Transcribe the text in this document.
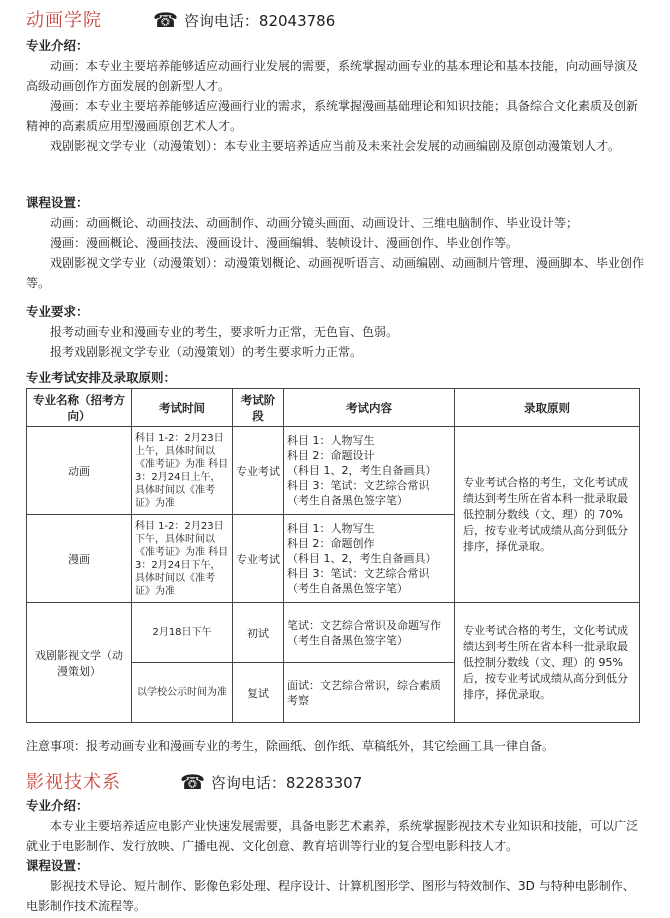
动画学院	☎ 咨询电话：82043786
专业介绍：
动画：本专业主要培养能够适应动画行业发展的需要，系统掌握动画专业的基本理论和基本技能，向动画导演及高级动画创作方面发展的创新型人才。
漫画：本专业主要培养能够适应漫画行业的需求，系统掌握漫画基础理论和知识技能；具备综合文化素质及创新精神的高素质应用型漫画原创艺术人才。
戏剧影视文学专业（动漫策划）：本专业主要培养适应当前及未来社会发展的动画编剧及原创动漫策划人才。
课程设置：
动画：动画概论、动画技法、动画制作、动画分镜头画面、动画设计、三维电脑制作、毕业设计等；
漫画：漫画概论、漫画技法、漫画设计、漫画编辑、装帧设计、漫画创作、毕业创作等。
戏剧影视文学专业（动漫策划）：动漫策划概论、动画视听语言、动画编剧、动画制片管理、漫画脚本、毕业创作等。
专业要求：
报考动画专业和漫画专业的考生，要求听力正常，无色盲、色弱。
报考戏剧影视文学专业（动漫策划）的考生要求听力正常。
专业考试安排及录取原则：
专业名称（招考方向）	考试时间	考试阶段	考试内容	录取原则
动画	科目 1-2：2月23日上午，具体时间以《准考证》为准 科目 3：2月24日上午，具体时间以《准考证》为准	专业考试	科目 1：人物写生
科目 2：命题设计
（科目 1、2，考生自备画具）
科目 3：笔试：文艺综合常识（考生自备黑色签字笔）	专业考试合格的考生，文化考试成绩达到考生所在省本科一批录取最低控制分数线（文、理）的 70%后，按专业考试成绩从高分到低分排序，择优录取。
漫画	科目 1-2：2月23日下午，具体时间以《准考证》为准 科目 3：2月24日下午，具体时间以《准考证》为准	专业考试	科目 1：人物写生
科目 2：命题创作
（科目 1、2，考生自备画具）
科目 3：笔试：文艺综合常识（考生自备黑色签字笔）	
戏剧影视文学（动漫策划）	2月18日下午	初试	笔试：文艺综合常识及命题写作（考生自备黑色签字笔）	专业考试合格的考生，文化考试成绩达到考生所在省本科一批录取最低控制分数线（文、理）的 95%后，按专业考试成绩从高分到低分排序，择优录取。
	以学校公示时间为准	复试	面试：文艺综合常识，综合素质考察	
注意事项：报考动画专业和漫画专业的考生，除画纸、创作纸、草稿纸外，其它绘画工具一律自备。
影视技术系	☎ 咨询电话：82283307
专业介绍：
本专业主要培养适应电影产业快速发展需要，具备电影艺术素养，系统掌握影视技术专业知识和技能，可以广泛就业于电影制作、发行放映、广播电视、文化创意、教育培训等行业的复合型电影科技人才。
课程设置：
影视技术导论、短片制作、影像色彩处理、程序设计、计算机图形学、图形与特效制作、3D 与特种电影制作、电影制作技术流程等。
